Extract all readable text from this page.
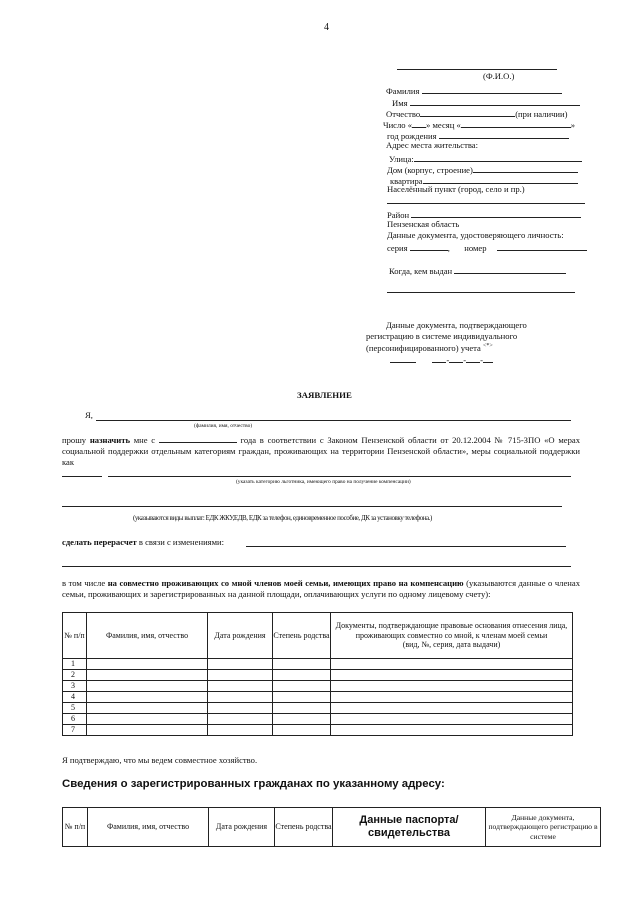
4
(Ф.И.О.)
Фамилия
Имя
Отчество	(при наличии)
Число « » месяц «	»
год рождения
Адрес места жительства:
Улица:
Дом (корпус, строение)
квартира
Населённый пункт (город, село и пр.)
Район
Пензенская область
Данные документа, удостоверяющего личность:
серия	, номер
Когда, кем выдан
Данные документа, подтверждающего
регистрацию в системе индивидуального
(персонифицированного) учета <*>
- - -
ЗАЯВЛЕНИЕ
Я,
(фамилия, имя, отчество)
прошу назначить мне с	года в соответствии с Законом Пензенской области от 20.12.2004 № 715-ЗПО «О мерах социальной поддержки отдельным категориям граждан, проживающих на территории Пензенской области», меры социальной поддержки как
(указать категорию льготника, имеющего право на получение компенсации)
(указываются виды выплат: ЕДК ЖКУ,ЕДВ, ЕДК за телефон, единовременное пособие, ДК за установку телефона.)
сделать перерасчет в связи с изменениями:
в том числе на совместно проживающих со мной членов моей семьи, имеющих право на компенсацию (указываются данные о членах семьи, проживающих и зарегистрированных на данной площади, оплачивающих услуги по одному лицевому счету):
№ п/п	Фамилия, имя, отчество	Дата рождения	Степень родства	Документы, подтверждающие правовые основания отнесения лица, проживающих совместно со мной, к членам моей семьи
(вид, №, серия, дата выдачи)
1				
2				
3				
4				
5				
6				
7				
Я подтверждаю, что мы ведем совместное хозяйство.
Сведения о зарегистрированных гражданах по указанному адресу:
№ п/п	Фамилия, имя, отчество	Дата рождения	Степень родства	Данные паспорта/свидетельства	Данные документа, подтверждающего регистрацию в системе
